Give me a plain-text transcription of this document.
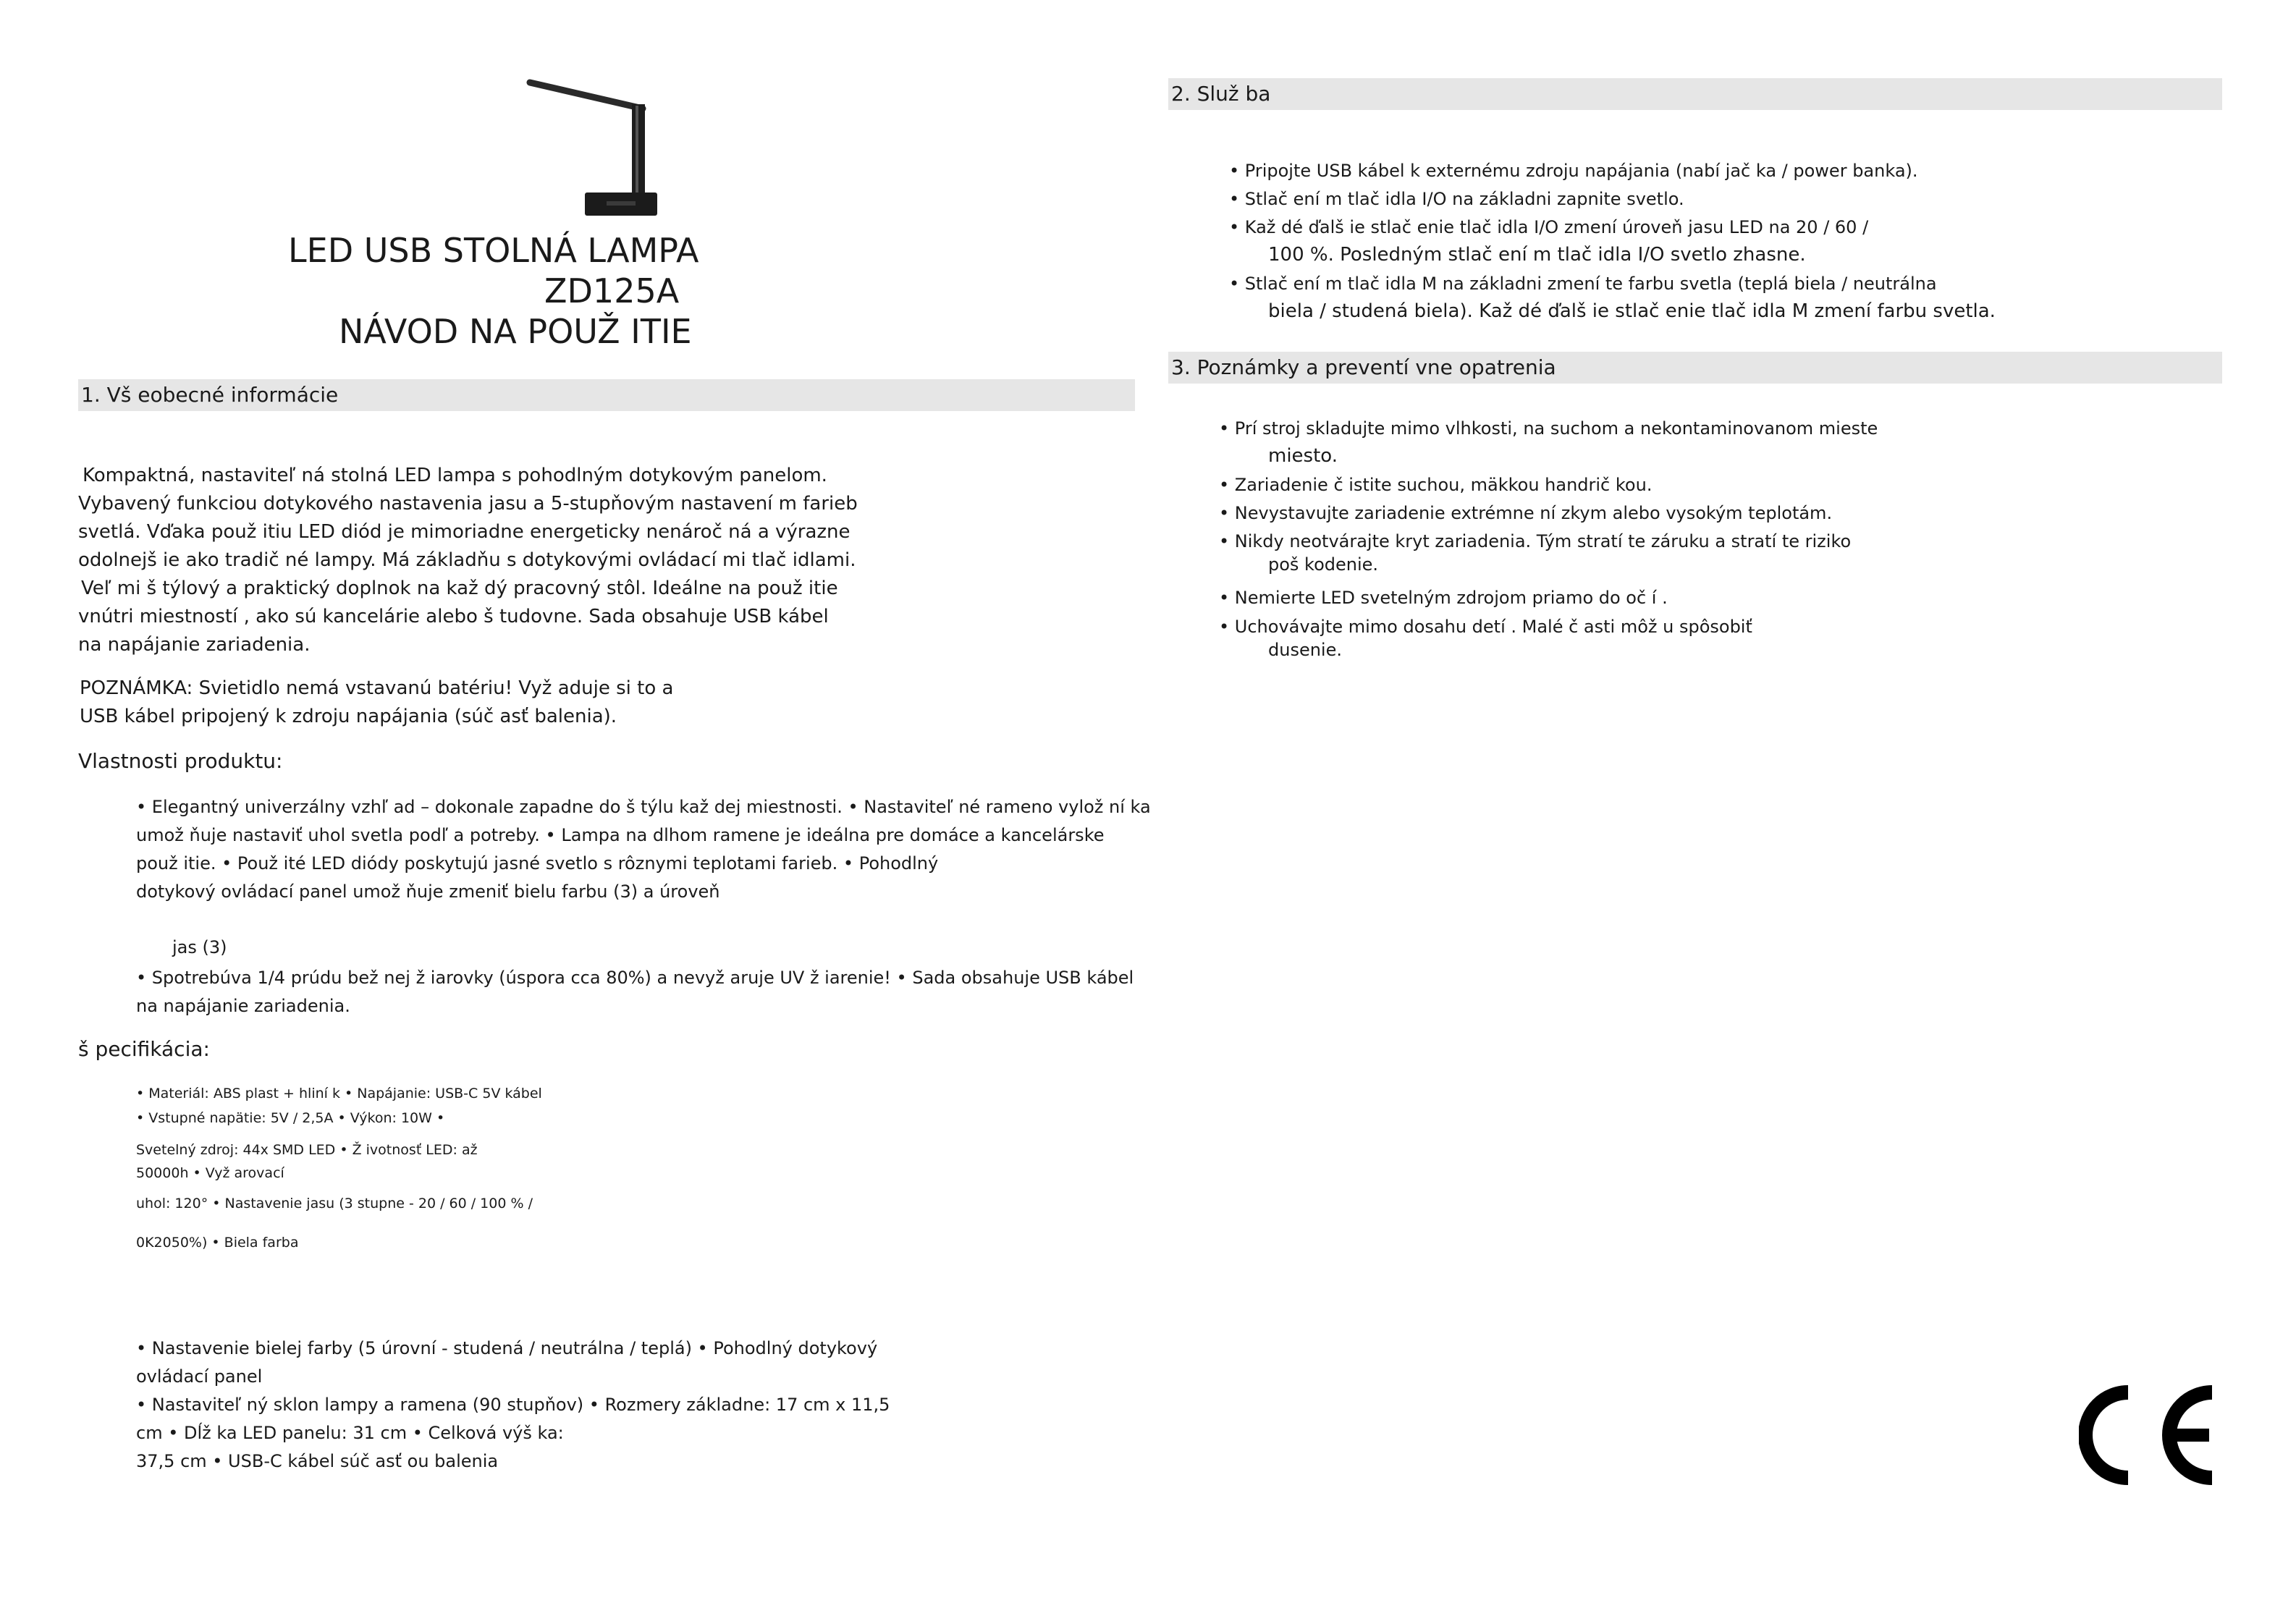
LED USB STOLNÁ LAMPA
ZD125A
NÁVOD NA POUŽ ITIE
1. Vš eobecné informácie
Kompaktná, nastaviteľ ná stolná LED lampa s pohodlným dotykovým panelom.
Vybavený funkciou dotykového nastavenia jasu a 5-stupňovým nastavení m farieb
svetlá. Vďaka použ itiu LED diód je mimoriadne energeticky nenároč ná a výrazne
odolnejš ie ako tradič né lampy. Má základňu s dotykovými ovládací mi tlač idlami.
Veľ mi š týlový a praktický doplnok na kaž dý pracovný stôl. Ideálne na použ itie
vnútri miestností , ako sú kancelárie alebo š tudovne. Sada obsahuje USB kábel
na napájanie zariadenia.
POZNÁMKA: Svietidlo nemá vstavanú batériu! Vyž aduje si to a
USB kábel pripojený k zdroju napájania (súč asť balenia).
Vlastnosti produktu:
• Elegantný univerzálny vzhľ ad – dokonale zapadne do š týlu kaž dej miestnosti. • Nastaviteľ né rameno vylož ní ka
umož ňuje nastaviť uhol svetla podľ a potreby. • Lampa na dlhom ramene je ideálna pre domáce a kancelárske
použ itie. • Použ ité LED diódy poskytujú jasné svetlo s rôznymi teplotami farieb. • Pohodlný
dotykový ovládací panel umož ňuje zmeniť bielu farbu (3) a úroveň
jas (3)
• Spotrebúva 1/4 prúdu bež nej ž iarovky (úspora cca 80%) a nevyž aruje UV ž iarenie! • Sada obsahuje USB kábel
na napájanie zariadenia.
š pecifikácia:
• Materiál: ABS plast + hliní k • Napájanie: USB-C 5V kábel
• Vstupné napätie: 5V / 2,5A • Výkon: 10W •
Svetelný zdroj: 44x SMD LED • Ž ivotnosť LED: až
50000h • Vyž arovací
uhol: 120° • Nastavenie jasu (3 stupne - 20 / 60 / 100 % /
0K2050%) • Biela farba
• Nastavenie bielej farby (5 úrovní - studená / neutrálna / teplá) • Pohodlný dotykový
ovládací panel
• Nastaviteľ ný sklon lampy a ramena (90 stupňov) • Rozmery základne: 17 cm x 11,5
cm • Dĺž ka LED panelu: 31 cm • Celková výš ka:
37,5 cm • USB-C kábel súč asť ou balenia
2. Služ ba
• Pripojte USB kábel k externému zdroju napájania (nabí jač ka / power banka).
• Stlač ení m tlač idla I/O na základni zapnite svetlo.
• Kaž dé ďalš ie stlač enie tlač idla I/O zmení úroveň jasu LED na 20 / 60 /
100 %. Posledným stlač ení m tlač idla I/O svetlo zhasne.
• Stlač ení m tlač idla M na základni zmení te farbu svetla (teplá biela / neutrálna
biela / studená biela). Kaž dé ďalš ie stlač enie tlač idla M zmení farbu svetla.
3. Poznámky a preventí vne opatrenia
• Prí stroj skladujte mimo vlhkosti, na suchom a nekontaminovanom mieste
miesto.
• Zariadenie č istite suchou, mäkkou handrič kou.
• Nevystavujte zariadenie extrémne ní zkym alebo vysokým teplotám.
• Nikdy neotvárajte kryt zariadenia. Tým stratí te záruku a stratí te riziko
poš kodenie.
• Nemierte LED svetelným zdrojom priamo do oč í .
• Uchovávajte mimo dosahu detí . Malé č asti môž u spôsobiť
dusenie.
